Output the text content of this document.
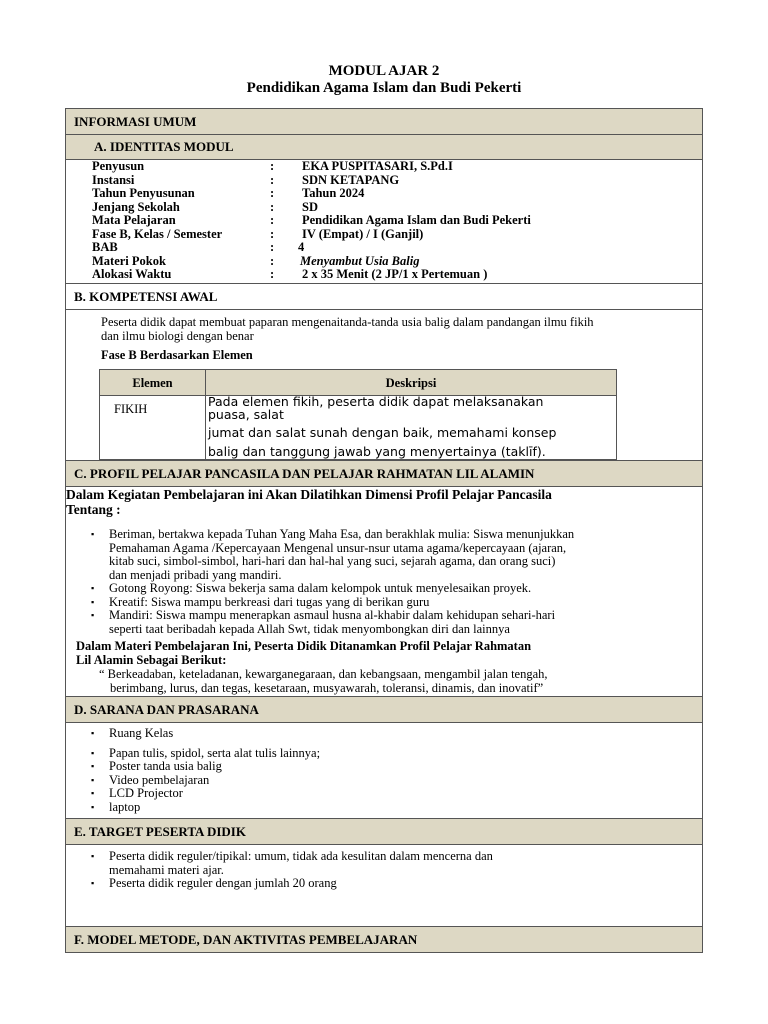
MODUL AJAR 2
Pendidikan Agama Islam dan Budi Pekerti
INFORMASI UMUM
A. IDENTITAS MODUL
Penyusun	: EKA PUSPITASARI, S.Pd.I
Instansi	: SDN KETAPANG
Tahun Penyusunan	: Tahun 2024
Jenjang Sekolah	: SD
Mata Pelajaran	: Pendidikan Agama Islam dan Budi Pekerti
Fase B, Kelas / Semester	: IV (Empat) / I (Ganjil)
BAB	: 4
Materi Pokok	: Menyambut Usia Balig
Alokasi Waktu	: 2 x 35 Menit (2 JP/1 x Pertemuan )
B. KOMPETENSI AWAL
Peserta didik dapat membuat paparan mengenaitanda-tanda usia balig dalam pandangan ilmu fikih
dan ilmu biologi dengan benar
Fase B Berdasarkan Elemen
Elemen	Deskripsi
FIKIH	Pada elemen fikih, peserta didik dapat melaksanakan
puasa, salat
jumat dan salat sunah dengan baik, memahami konsep
balig dan tanggung jawab yang menyertainya (taklīf).
C. PROFIL PELAJAR PANCASILA DAN PELAJAR RAHMATAN LIL ALAMIN
Dalam Kegiatan Pembelajaran ini Akan Dilatihkan Dimensi Profil Pelajar Pancasila
Tentang :
▪ Beriman, bertakwa kepada Tuhan Yang Maha Esa, dan berakhlak mulia: Siswa menunjukkan
Pemahaman Agama /Kepercayaan Mengenal unsur-nsur utama agama/kepercayaan (ajaran,
kitab suci, simbol-simbol, hari-hari dan hal-hal yang suci, sejarah agama, dan orang suci)
dan menjadi pribadi yang mandiri.
▪ Gotong Royong: Siswa bekerja sama dalam kelompok untuk menyelesaikan proyek.
▪ Kreatif: Siswa mampu berkreasi dari tugas yang di berikan guru
▪ Mandiri: Siswa mampu menerapkan asmaul husna al-khabir dalam kehidupan sehari-hari
seperti taat beribadah kepada Allah Swt, tidak menyombongkan diri dan lainnya
Dalam Materi Pembelajaran Ini, Peserta Didik Ditanamkan Profil Pelajar Rahmatan
Lil Alamin Sebagai Berikut:
“ Berkeadaban, keteladanan, kewarganegaraan, dan kebangsaan, mengambil jalan tengah,
berimbang, lurus, dan tegas, kesetaraan, musyawarah, toleransi, dinamis, dan inovatif”
D. SARANA DAN PRASARANA
▪ Ruang Kelas
▪ Papan tulis, spidol, serta alat tulis lainnya;
▪ Poster tanda usia balig
▪ Video pembelajaran
▪ LCD Projector
▪ laptop
E. TARGET PESERTA DIDIK
▪ Peserta didik reguler/tipikal: umum, tidak ada kesulitan dalam mencerna dan
memahami materi ajar.
▪ Peserta didik reguler dengan jumlah 20 orang
F. MODEL METODE, DAN AKTIVITAS PEMBELAJARAN
